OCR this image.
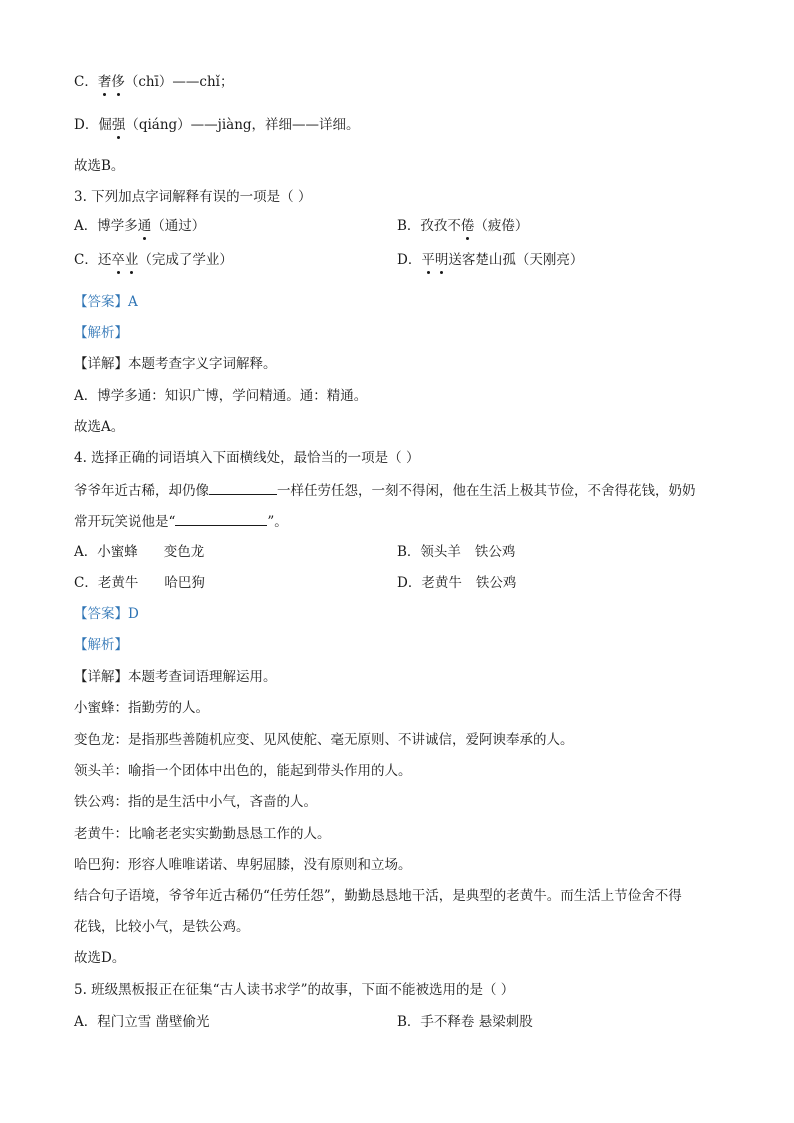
C．奢侈（chī）——chǐ；
D．倔强（qiáng）——jiàng，祥细——详细。
故选B。
3. 下列加点字词解释有误的一项是（ ）
A．博学多通（通过）	B．孜孜不倦（疲倦）
C．还卒业（完成了学业）	D．平明送客楚山孤（天刚亮）
【答案】A
【解析】
【详解】本题考查字义字词解释。
A．博学多通：知识广博，学问精通。通：精通。
故选A。
4. 选择正确的词语填入下面横线处，最恰当的一项是（ ）
爷爷年近古稀，却仍像	一样任劳任怨，一刻不得闲，他在生活上极其节俭，不舍得花钱，奶奶
常开玩笑说他是“	”。
A．小蜜蜂 变色龙	B．领头羊 铁公鸡
C．老黄牛 哈巴狗	D．老黄牛 铁公鸡
【答案】D
【解析】
【详解】本题考查词语理解运用。
小蜜蜂：指勤劳的人。
变色龙：是指那些善随机应变、见风使舵、毫无原则、不讲诚信，爱阿谀奉承的人。
领头羊：喻指一个团体中出色的，能起到带头作用的人。
铁公鸡：指的是生活中小气，吝啬的人。
老黄牛：比喻老老实实勤勤恳恳工作的人。
哈巴狗：形容人唯唯诺诺、卑躬屈膝，没有原则和立场。
结合句子语境，爷爷年近古稀仍“任劳任怨”，勤勤恳恳地干活，是典型的老黄牛。而生活上节俭舍不得
花钱，比较小气，是铁公鸡。
故选D。
5. 班级黑板报正在征集“古人读书求学”的故事，下面不能被选用的是（ ）
A．程门立雪 凿壁偷光	B．手不释卷 悬梁刺股
